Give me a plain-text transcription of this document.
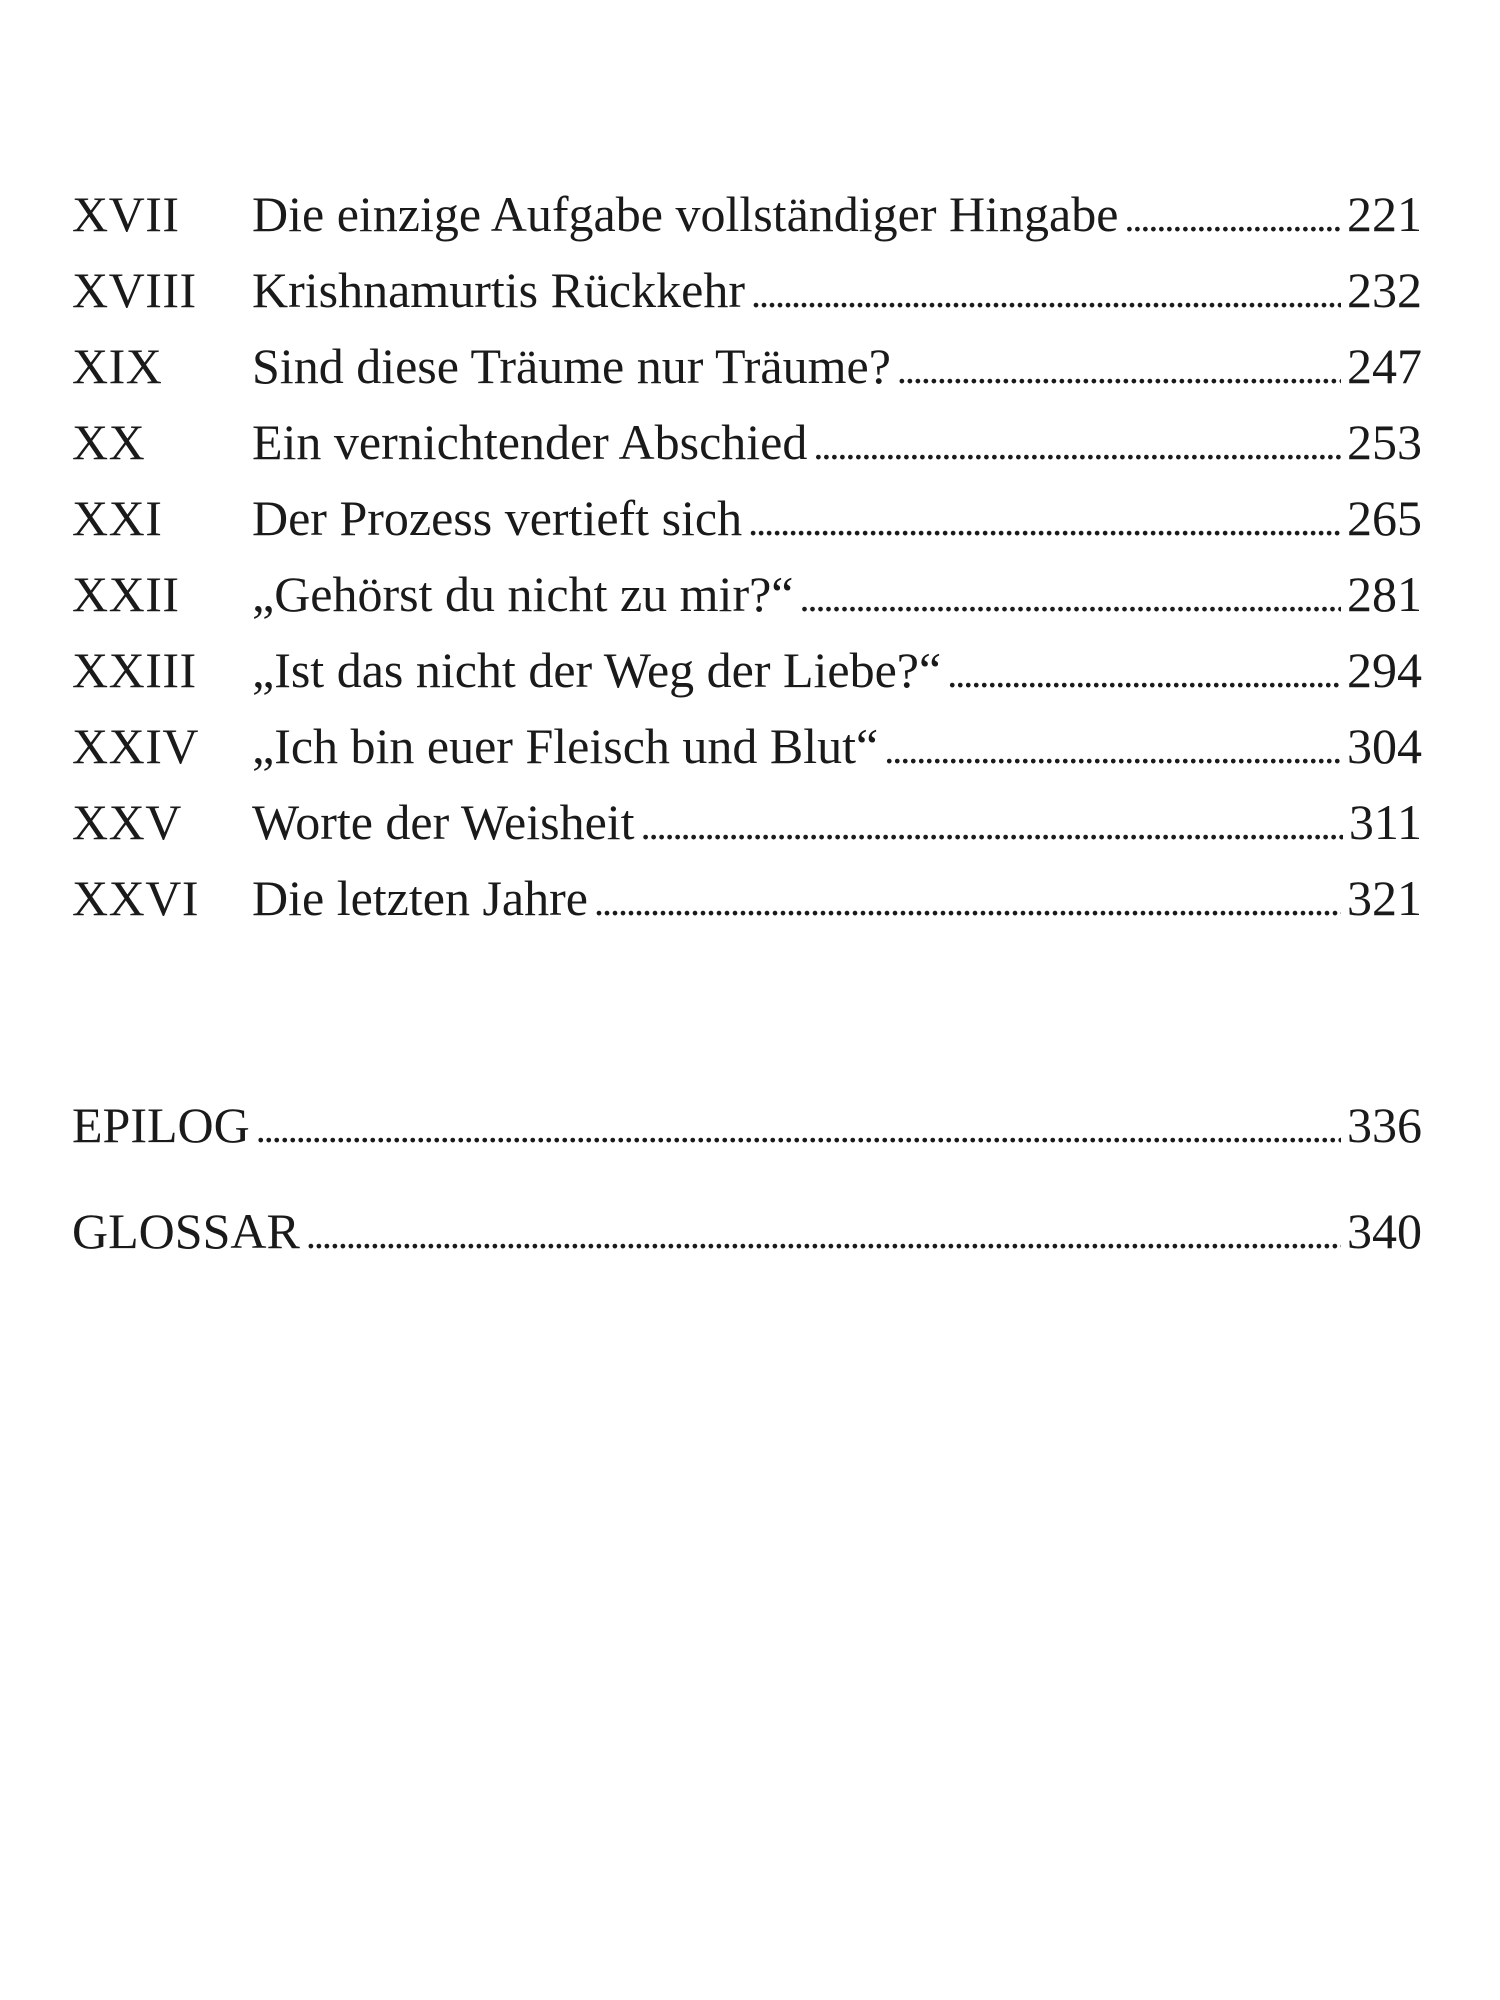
XVII	Die einzige Aufgabe vollständiger Hingabe . . .	221
XVIII	Krishnamurtis Rückkehr . . .	232
XIX	Sind diese Träume nur Träume? . . .	247
XX	Ein vernichtender Abschied . . .	253
XXI	Der Prozess vertieft sich . . .	265
XXII	„Gehörst du nicht zu mir?“ . . .	281
XXIII	„Ist das nicht der Weg der Liebe?“ . . .	294
XXIV	„Ich bin euer Fleisch und Blut“ . . .	304
XXV	Worte der Weisheit . . .	311
XXVI	Die letzten Jahre . . .	321
EPILOG . . .	336
GLOSSAR . . .	340
